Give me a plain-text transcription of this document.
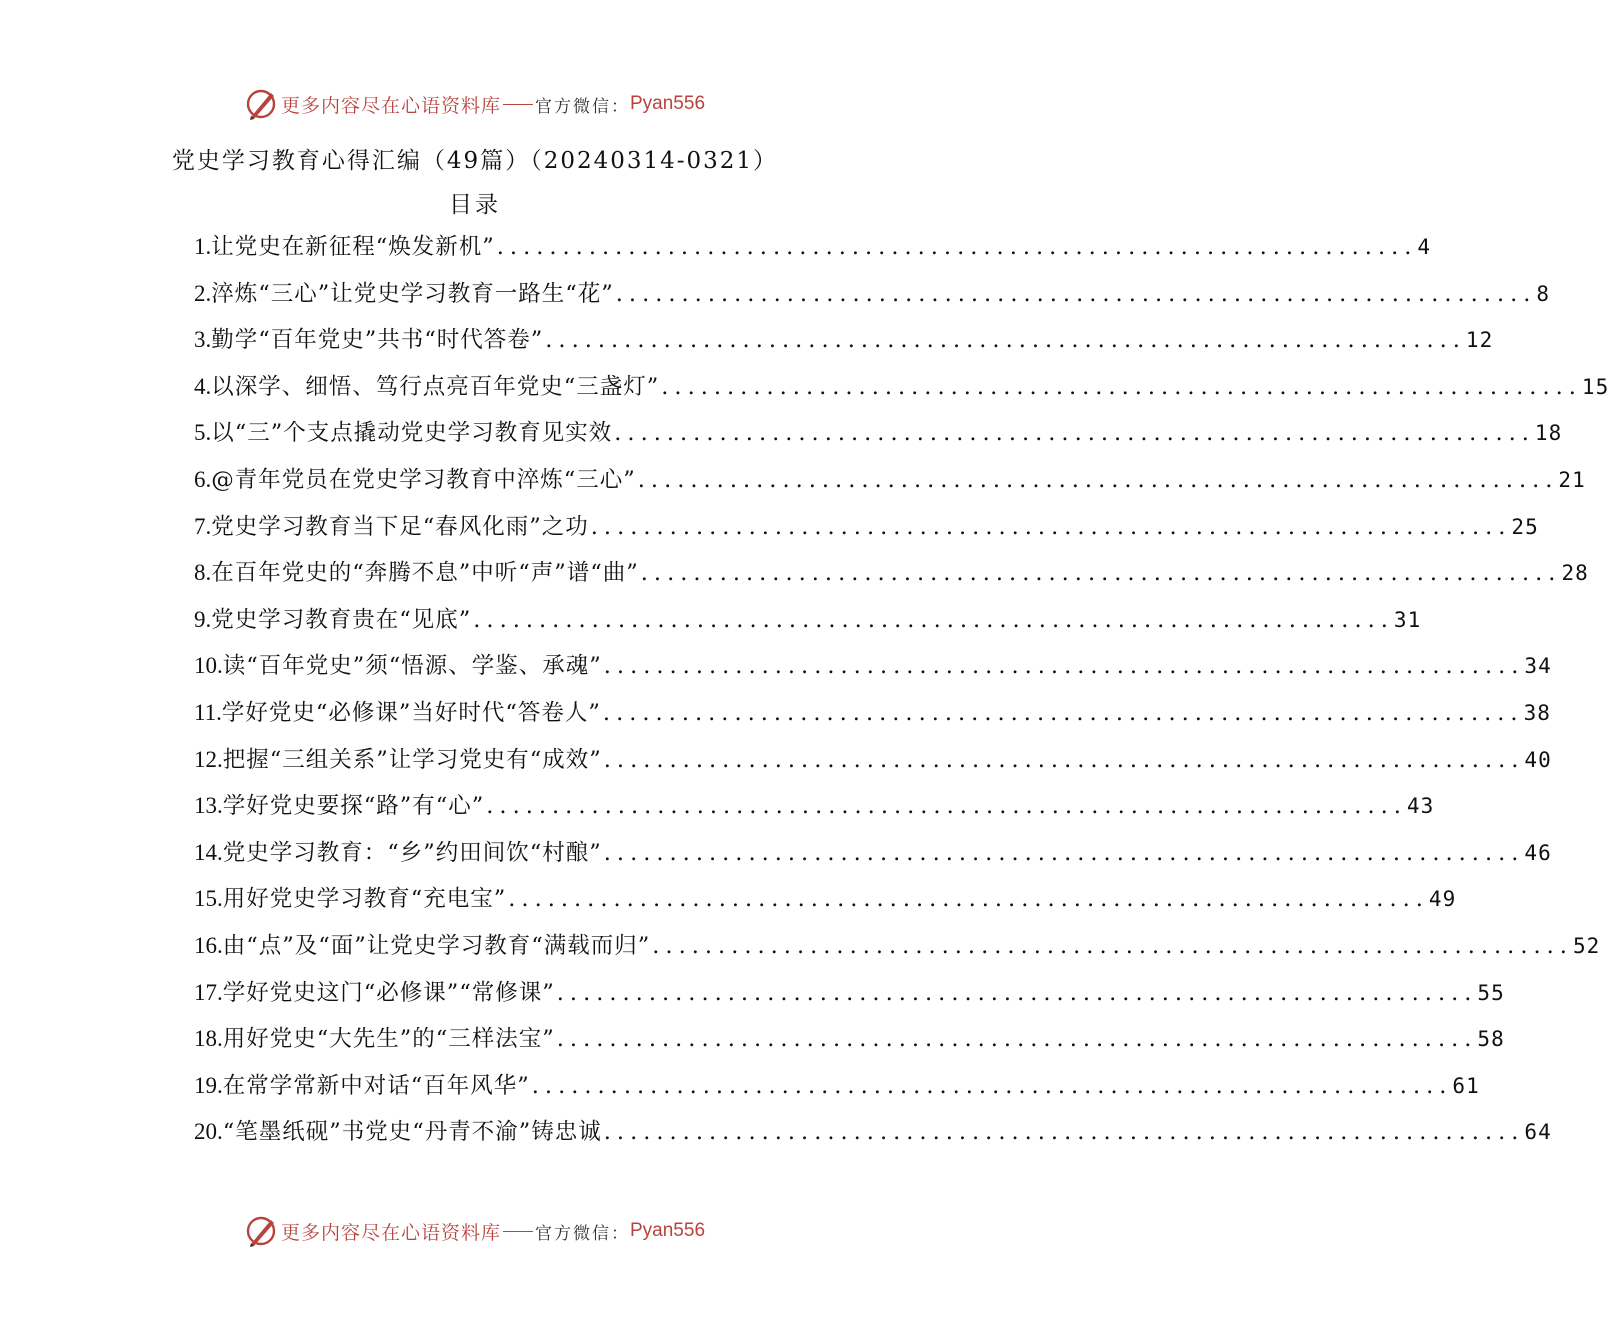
更多内容尽在心语资料库 官方微信： Pyan556
党史学习教育心得汇编（49篇）（20240314-0321）
目录
1. 让党史在新征程“焕发新机” .....	4
2. 淬炼“三心”让党史学习教育一路生“花” .....	8
3. 勤学“百年党史”共书“时代答卷” .....	12
4. 以深学、细悟、笃行点亮百年党史“三盏灯” .....	15
5. 以“三”个支点撬动党史学习教育见实效 .....	18
6. @青年党员在党史学习教育中淬炼“三心” .....	21
7. 党史学习教育当下足“春风化雨”之功 .....	25
8. 在百年党史的“奔腾不息”中听“声”谱“曲” .....	28
9. 党史学习教育贵在“见底” .....	31
10. 读“百年党史”须“悟源、学鉴、承魂” .....	34
11. 学好党史“必修课”当好时代“答卷人” .....	38
12. 把握“三组关系”让学习党史有“成效” .....	40
13. 学好党史要探“路”有“心” .....	43
14. 党史学习教育：“乡”约田间饮“村酿” .....	46
15. 用好党史学习教育“充电宝” .....	49
16. 由“点”及“面”让党史学习教育“满载而归” .....	52
17. 学好党史这门“必修课”“常修课” .....	55
18. 用好党史“大先生”的“三样法宝” .....	58
19. 在常学常新中对话“百年风华” .....	61
20. “笔墨纸砚”书党史“丹青不渝”铸忠诚 .....	64
更多内容尽在心语资料库 官方微信： Pyan556
